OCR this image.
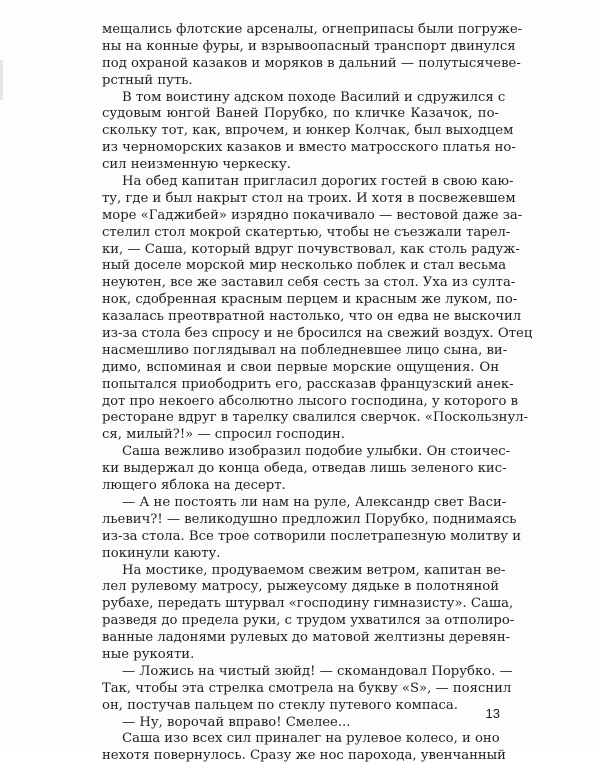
мещались флотские арсеналы, огнеприпасы были погруже-
ны на конные фуры, и взрывоопасный транспорт двинулся
под охраной казаков и моряков в дальний — полутысячеве-
рстный путь.
В том воистину адском походе Василий и сдружился с
судовым юнгой Ваней Порубко, по кличке Казачок, по-
скольку тот, как, впрочем, и юнкер Колчак, был выходцем
из черноморских казаков и вместо матросского платья но-
сил неизменную черкеску.
На обед капитан пригласил дорогих гостей в свою каю-
ту, где и был накрыт стол на троих. И хотя в посвежевшем
море «Гаджибей» изрядно покачивало — вестовой даже за-
стелил стол мокрой скатертью, чтобы не съезжали тарел-
ки, — Саша, который вдруг почувствовал, как столь радуж-
ный доселе морской мир несколько поблек и стал весьма
неуютен, все же заставил себя сесть за стол. Уха из султа-
нок, сдобренная красным перцем и красным же луком, по-
казалась преотвратной настолько, что он едва не выскочил
из-за стола без спросу и не бросился на свежий воздух. Отец
насмешливо поглядывал на побледневшее лицо сына, ви-
димо, вспоминая и свои первые морские ощущения. Он
попытался приободрить его, рассказав французский анек-
дот про некоего абсолютно лысого господина, у которого в
ресторане вдруг в тарелку свалился сверчок. «Поскользнул-
ся, милый?!» — спросил господин.
Саша вежливо изобразил подобие улыбки. Он стоичес-
ки выдержал до конца обеда, отведав лишь зеленого кис-
лющего яблока на десерт.
— А не постоять ли нам на руле, Александр свет Васи-
льевич?! — великодушно предложил Порубко, поднимаясь
из-за стола. Все трое сотворили послетрапезную молитву и
покинули каюту.
На мостике, продуваемом свежим ветром, капитан ве-
лел рулевому матросу, рыжеусому дядьке в полотняной
рубахе, передать штурвал «господину гимназисту». Саша,
разведя до предела руки, с трудом ухватился за отполиро-
ванные ладонями рулевых до матовой желтизны деревян-
ные рукояти.
— Ложись на чистый зюйд! — скомандовал Порубко. —
Так, чтобы эта стрелка смотрела на букву «S», — пояснил
он, постучав пальцем по стеклу путевого компаса.
— Ну, ворочай вправо! Смелее...
Саша изо всех сил приналег на рулевое колесо, и оно
нехотя повернулось. Сразу же нос парохода, увенчанный
13
